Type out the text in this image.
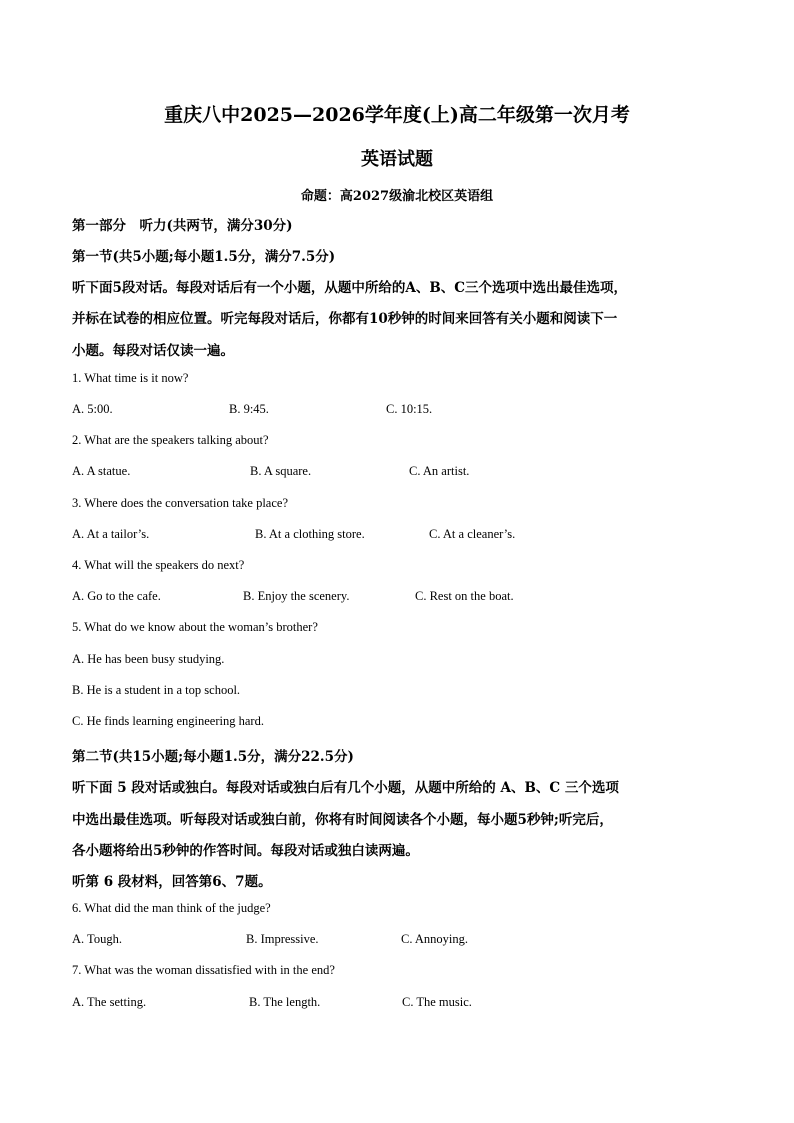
重庆八中2025—2026学年度(上)高二年级第一次月考
英语试题
命题：高2027级渝北校区英语组
第一部分　听力(共两节，满分30分)
第一节(共5小题;每小题1.5分，满分7.5分)
听下面5段对话。每段对话后有一个小题，从题中所给的A、B、C三个选项中选出最佳选项，
并标在试卷的相应位置。听完每段对话后，你都有10秒钟的时间来回答有关小题和阅读下一
小题。每段对话仅读一遍。
1. What time is it now?
A. 5:00.	B. 9:45.	C. 10:15.
2. What are the speakers talking about?
A. A statue.	B. A square.	C. An artist.
3. Where does the conversation take place?
A. At a tailor’s.	B. At a clothing store.	C. At a cleaner’s.
4. What will the speakers do next?
A. Go to the cafe.	B. Enjoy the scenery.	C. Rest on the boat.
5. What do we know about the woman’s brother?
A. He has been busy studying.
B. He is a student in a top school.
C. He finds learning engineering hard.
第二节(共15小题;每小题1.5分，满分22.5分)
听下面 5 段对话或独白。每段对话或独白后有几个小题，从题中所给的 A、B、C 三个选项
中选出最佳选项。听每段对话或独白前，你将有时间阅读各个小题，每小题5秒钟;听完后，
各小题将给出5秒钟的作答时间。每段对话或独白读两遍。
听第 6 段材料，回答第6、7题。
6. What did the man think of the judge?
A. Tough.	B. Impressive.	C. Annoying.
7. What was the woman dissatisfied with in the end?
A. The setting.	B. The length.	C. The music.
